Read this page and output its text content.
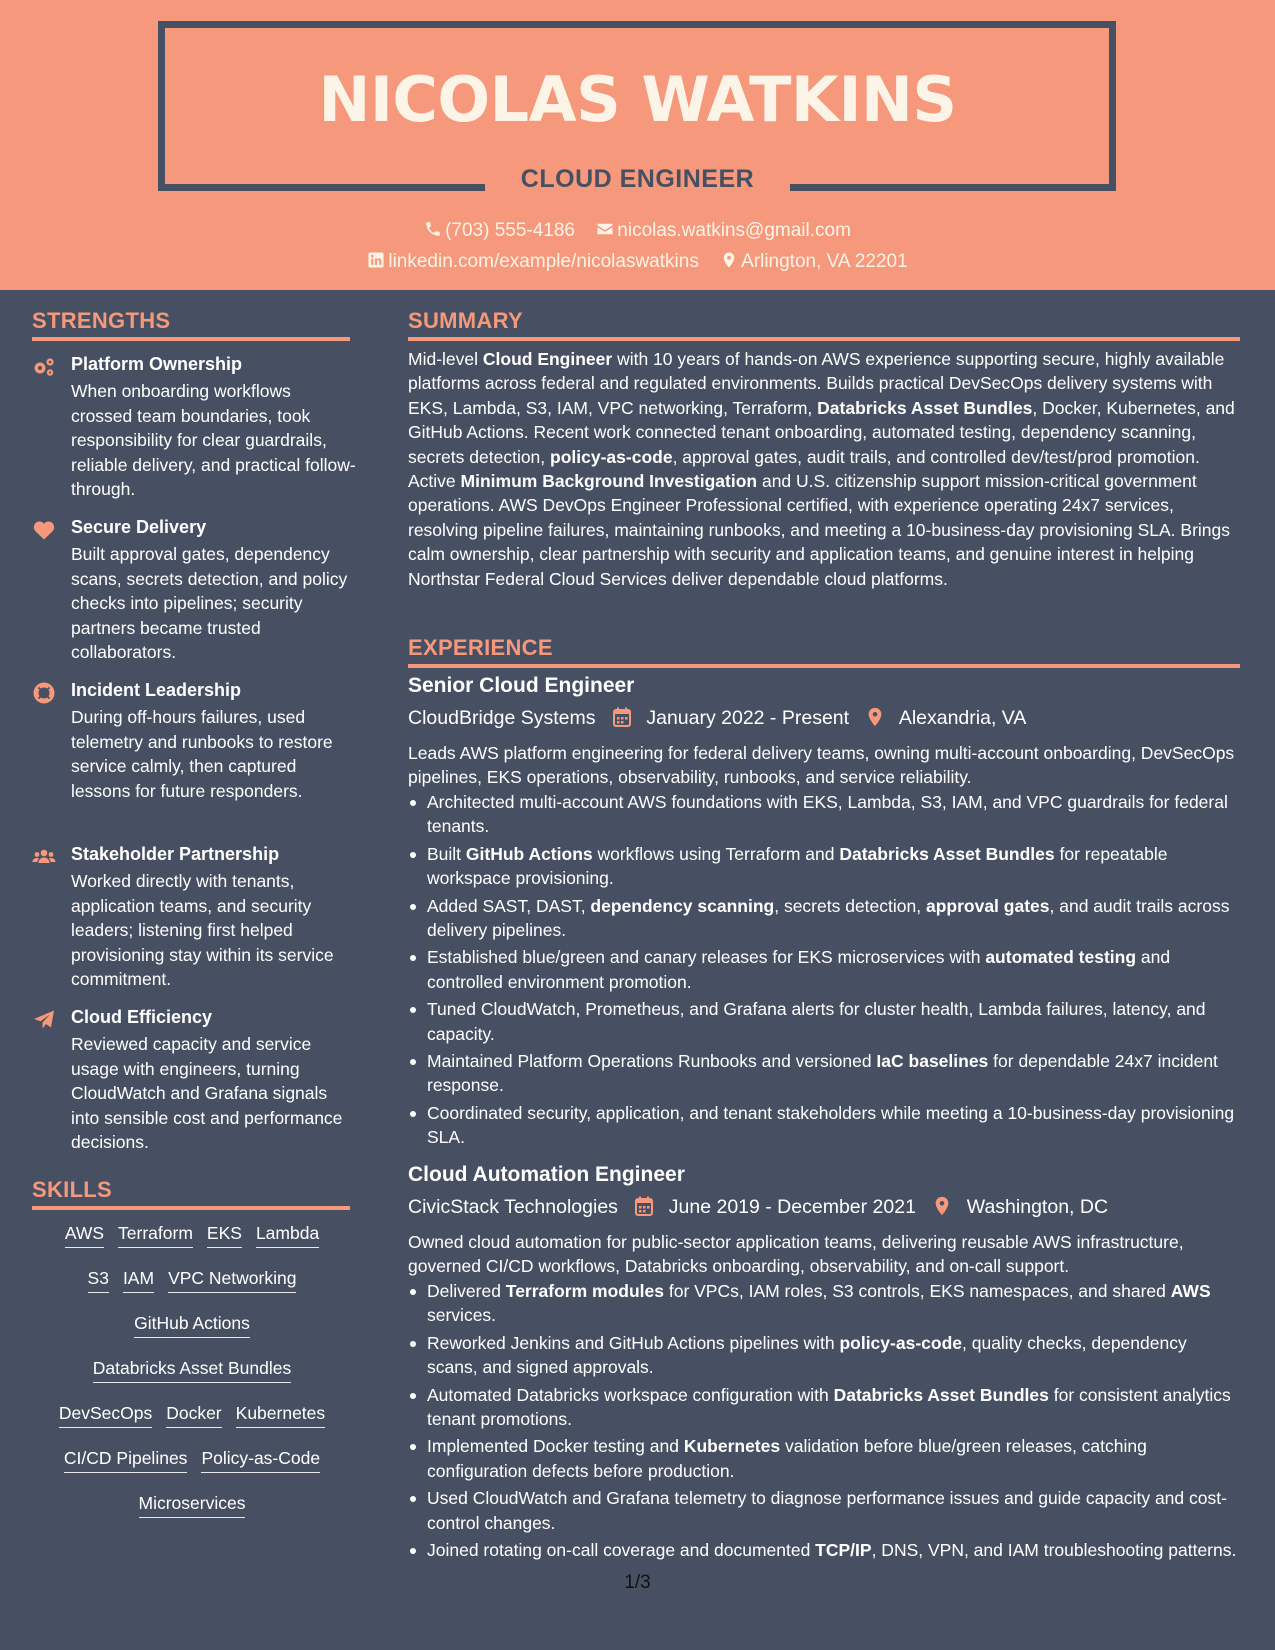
NICOLAS WATKINS
CLOUD ENGINEER
(703) 555-4186 nicolas.watkins@gmail.com
linkedin.com/example/nicolaswatkins Arlington, VA 22201
STRENGTHS
Platform Ownership
When onboarding workflows crossed team boundaries, took responsibility for clear guardrails, reliable delivery, and practical follow-through.
Secure Delivery
Built approval gates, dependency scans, secrets detection, and policy checks into pipelines; security partners became trusted collaborators.
Incident Leadership
During off-hours failures, used telemetry and runbooks to restore service calmly, then captured lessons for future responders.
Stakeholder Partnership
Worked directly with tenants, application teams, and security leaders; listening first helped provisioning stay within its service commitment.
Cloud Efficiency
Reviewed capacity and service usage with engineers, turning CloudWatch and Grafana signals into sensible cost and performance decisions.
SKILLS
AWS Terraform EKS Lambda
S3 IAM VPC Networking
GitHub Actions
Databricks Asset Bundles
DevSecOps Docker Kubernetes
CI/CD Pipelines Policy-as-Code
Microservices
SUMMARY
Mid-level Cloud Engineer with 10 years of hands-on AWS experience supporting secure, highly available platforms across federal and regulated environments. Builds practical DevSecOps delivery systems with EKS, Lambda, S3, IAM, VPC networking, Terraform, Databricks Asset Bundles, Docker, Kubernetes, and GitHub Actions. Recent work connected tenant onboarding, automated testing, dependency scanning, secrets detection, policy-as-code, approval gates, audit trails, and controlled dev/test/prod promotion. Active Minimum Background Investigation and U.S. citizenship support mission-critical government operations. AWS DevOps Engineer Professional certified, with experience operating 24x7 services, resolving pipeline failures, maintaining runbooks, and meeting a 10-business-day provisioning SLA. Brings calm ownership, clear partnership with security and application teams, and genuine interest in helping Northstar Federal Cloud Services deliver dependable cloud platforms.
EXPERIENCE
Senior Cloud Engineer
CloudBridge Systems	January 2022 - Present	Alexandria, VA
Leads AWS platform engineering for federal delivery teams, owning multi-account onboarding, DevSecOps pipelines, EKS operations, observability, runbooks, and service reliability.
Architected multi-account AWS foundations with EKS, Lambda, S3, IAM, and VPC guardrails for federal tenants.
Built GitHub Actions workflows using Terraform and Databricks Asset Bundles for repeatable workspace provisioning.
Added SAST, DAST, dependency scanning, secrets detection, approval gates, and audit trails across delivery pipelines.
Established blue/green and canary releases for EKS microservices with automated testing and controlled environment promotion.
Tuned CloudWatch, Prometheus, and Grafana alerts for cluster health, Lambda failures, latency, and capacity.
Maintained Platform Operations Runbooks and versioned IaC baselines for dependable 24x7 incident response.
Coordinated security, application, and tenant stakeholders while meeting a 10-business-day provisioning SLA.
Cloud Automation Engineer
CivicStack Technologies	June 2019 - December 2021	Washington, DC
Owned cloud automation for public-sector application teams, delivering reusable AWS infrastructure, governed CI/CD workflows, Databricks onboarding, observability, and on-call support.
Delivered Terraform modules for VPCs, IAM roles, S3 controls, EKS namespaces, and shared AWS services.
Reworked Jenkins and GitHub Actions pipelines with policy-as-code, quality checks, dependency scans, and signed approvals.
Automated Databricks workspace configuration with Databricks Asset Bundles for consistent analytics tenant promotions.
Implemented Docker testing and Kubernetes validation before blue/green releases, catching configuration defects before production.
Used CloudWatch and Grafana telemetry to diagnose performance issues and guide capacity and cost-control changes.
Joined rotating on-call coverage and documented TCP/IP, DNS, VPN, and IAM troubleshooting patterns.
1/3
